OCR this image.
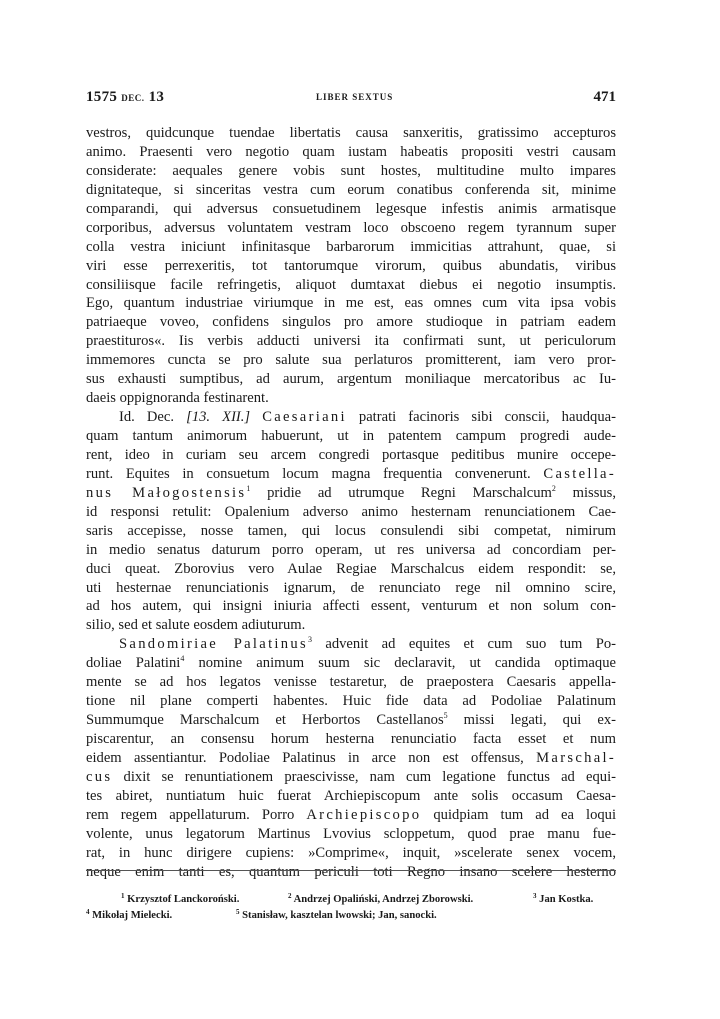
1575 DEC. 13	LIBER SEXTUS	471
vestros, quidcunque tuendae libertatis causa sanxeritis, gratissimo accepturos
animo. Praesenti vero negotio quam iustam habeatis propositi vestri causam
considerate: aequales genere vobis sunt hostes, multitudine multo impares
dignitateque, si sinceritas vestra cum eorum conatibus conferenda sit, minime
comparandi, qui adversus consuetudinem legesque infestis animis armatisque
corporibus, adversus voluntatem vestram loco obscoeno regem tyrannum super
colla vestra iniciunt infinitasque barbarorum immicitias attrahunt, quae, si
viri esse perrexeritis, tot tantorumque virorum, quibus abundatis, viribus
consiliisque facile refringetis, aliquot dumtaxat diebus ei negotio insumptis.
Ego, quantum industriae viriumque in me est, eas omnes cum vita ipsa vobis
patriaeque voveo, confidens singulos pro amore studioque in patriam eadem
praestituros«. Iis verbis adducti universi ita confirmati sunt, ut periculorum
immemores cuncta se pro salute sua perlaturos promitterent, iam vero pror-
sus exhausti sumptibus, ad aurum, argentum moniliaque mercatoribus ac Iu-
daeis oppignoranda festinarent.
Id. Dec. [13. XII.] Caesariani patrati facinoris sibi conscii, haudqua-
quam tantum animorum habuerunt, ut in patentem campum progredi aude-
rent, ideo in curiam seu arcem congredi portasque peditibus munire occepe-
runt. Equites in consuetum locum magna frequentia convenerunt. Castella-
nus Małogostensis$^1$ pridie ad utrumque Regni Marschalcum$^2$ missus,
id responsi retulit: Opalenium adverso animo hesternam renunciationem Cae-
saris accepisse, nosse tamen, qui locus consulendi sibi competat, nimirum
in medio senatus daturum porro operam, ut res universa ad concordiam per-
duci queat. Zborovius vero Aulae Regiae Marschalcus eidem respondit: se,
uti hesternae renunciationis ignarum, de renunciato rege nil omnino scire,
ad hos autem, qui insigni iniuria affecti essent, venturum et non solum con-
silio, sed et salute eosdem adiuturum.
Sandomiriae Palatinus$^3$ advenit ad equites et cum suo tum Po-
doliae Palatini$^4$ nomine animum suum sic declaravit, ut candida optimaque
mente se ad hos legatos venisse testaretur, de praepostera Caesaris appella-
tione nil plane comperti habentes. Huic fide data ad Podoliae Palatinum
Summumque Marschalcum et Herbortos Castellanos$^5$ missi legati, qui ex-
piscarentur, an consensu horum hesterna renunciatio facta esset et num
eidem assentiantur. Podoliae Palatinus in arce non est offensus, Marschal-
cus dixit se renuntiationem praescivisse, nam cum legatione functus ad equi-
tes abiret, nuntiatum huic fuerat Archiepiscopum ante solis occasum Caesa-
rem regem appellaturum. Porro Archiepiscopo quidpiam tum ad ea loqui
volente, unus legatorum Martinus Lvovius scloppetum, quod prae manu fue-
rat, in hunc dirigere cupiens: »Comprime«, inquit, »scelerate senex vocem,
neque enim tanti es, quantum periculi toti Regno insano scelere hesterno
$^1$ Krzysztof Lanckoroński.	$^2$ Andrzej Opaliński, Andrzej Zborowski.	$^3$ Jan Kostka.
$^4$ Mikołaj Mielecki.	$^5$ Stanisław, kasztelan lwowski; Jan, sanocki.
